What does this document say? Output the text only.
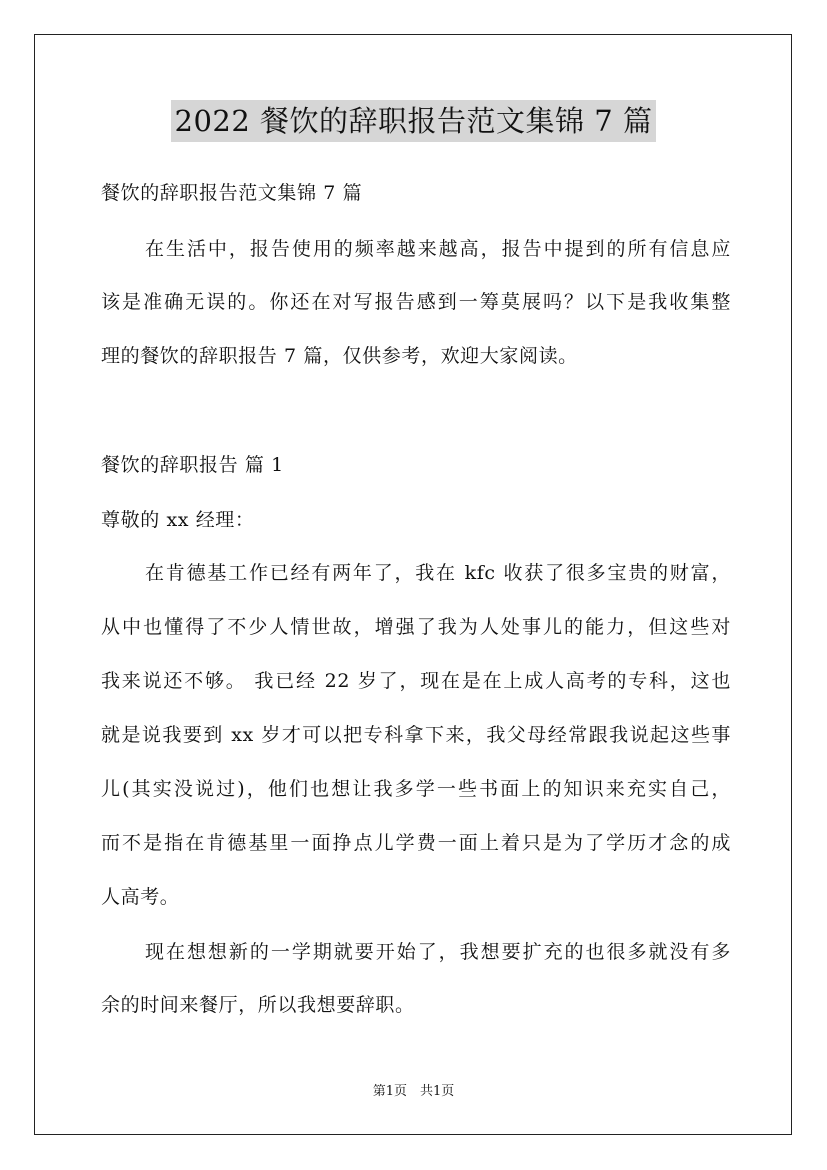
2022 餐饮的辞职报告范文集锦 7 篇
餐饮的辞职报告范文集锦 7 篇
在生活中，报告使用的频率越来越高，报告中提到的所有信息应
该是准确无误的。你还在对写报告感到一筹莫展吗？以下是我收集整
理的餐饮的辞职报告 7 篇，仅供参考，欢迎大家阅读。
餐饮的辞职报告 篇 1
尊敬的 xx 经理：
在肯德基工作已经有两年了，我在 kfc 收获了很多宝贵的财富，
从中也懂得了不少人情世故，增强了我为人处事儿的能力，但这些对
我来说还不够。 我已经 22 岁了，现在是在上成人高考的专科，这也
就是说我要到 xx 岁才可以把专科拿下来，我父母经常跟我说起这些事
儿(其实没说过)，他们也想让我多学一些书面上的知识来充实自己，
而不是指在肯德基里一面挣点儿学费一面上着只是为了学历才念的成
人高考。
现在想想新的一学期就要开始了，我想要扩充的也很多就没有多
余的时间来餐厅，所以我想要辞职。
第1页　共1页
